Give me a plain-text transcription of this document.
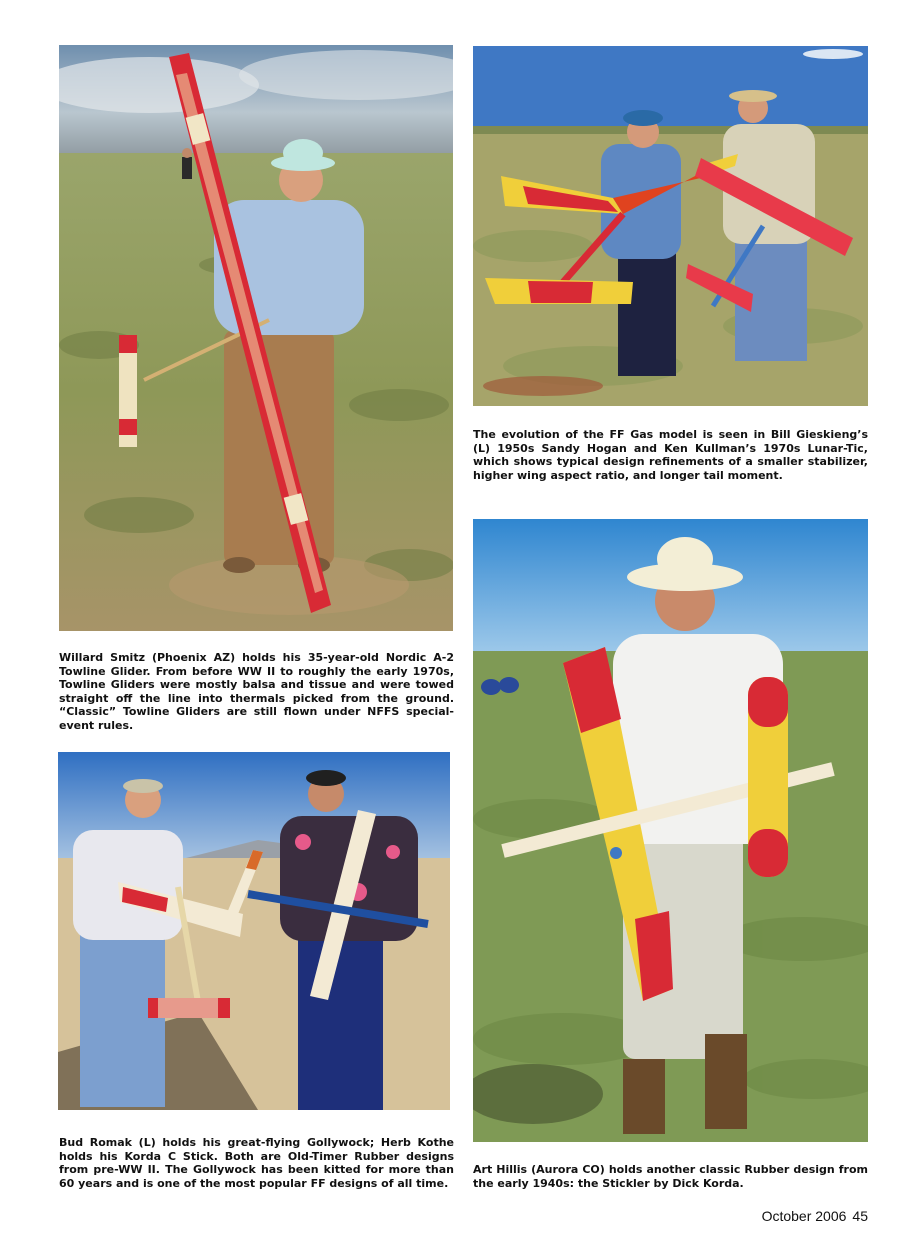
The evolution of the FF Gas model is seen in Bill Gieskieng’s (L) 1950s Sandy Hogan and Ken Kullman’s 1970s Lunar-Tic, which shows typical design refinements of a smaller stabilizer, higher wing aspect ratio, and longer tail moment.

Willard Smitz (Phoenix AZ) holds his 35-year-old Nordic A-2 Towline Glider. From before WW II to roughly the early 1970s, Towline Gliders were mostly balsa and tissue and were towed straight off the line into thermals picked from the ground. “Classic” Towline Gliders are still flown under NFFS special-event rules.

Bud Romak (L) holds his great-flying Gollywock; Herb Kothe holds his Korda C Stick. Both are Old-Timer Rubber designs from pre-WW II. The Gollywock has been kitted for more than 60 years and is one of the most popular FF designs of all time.

Art Hillis (Aurora CO) holds another classic Rubber design from the early 1940s: the Stickler by Dick Korda.

October 2006 45
